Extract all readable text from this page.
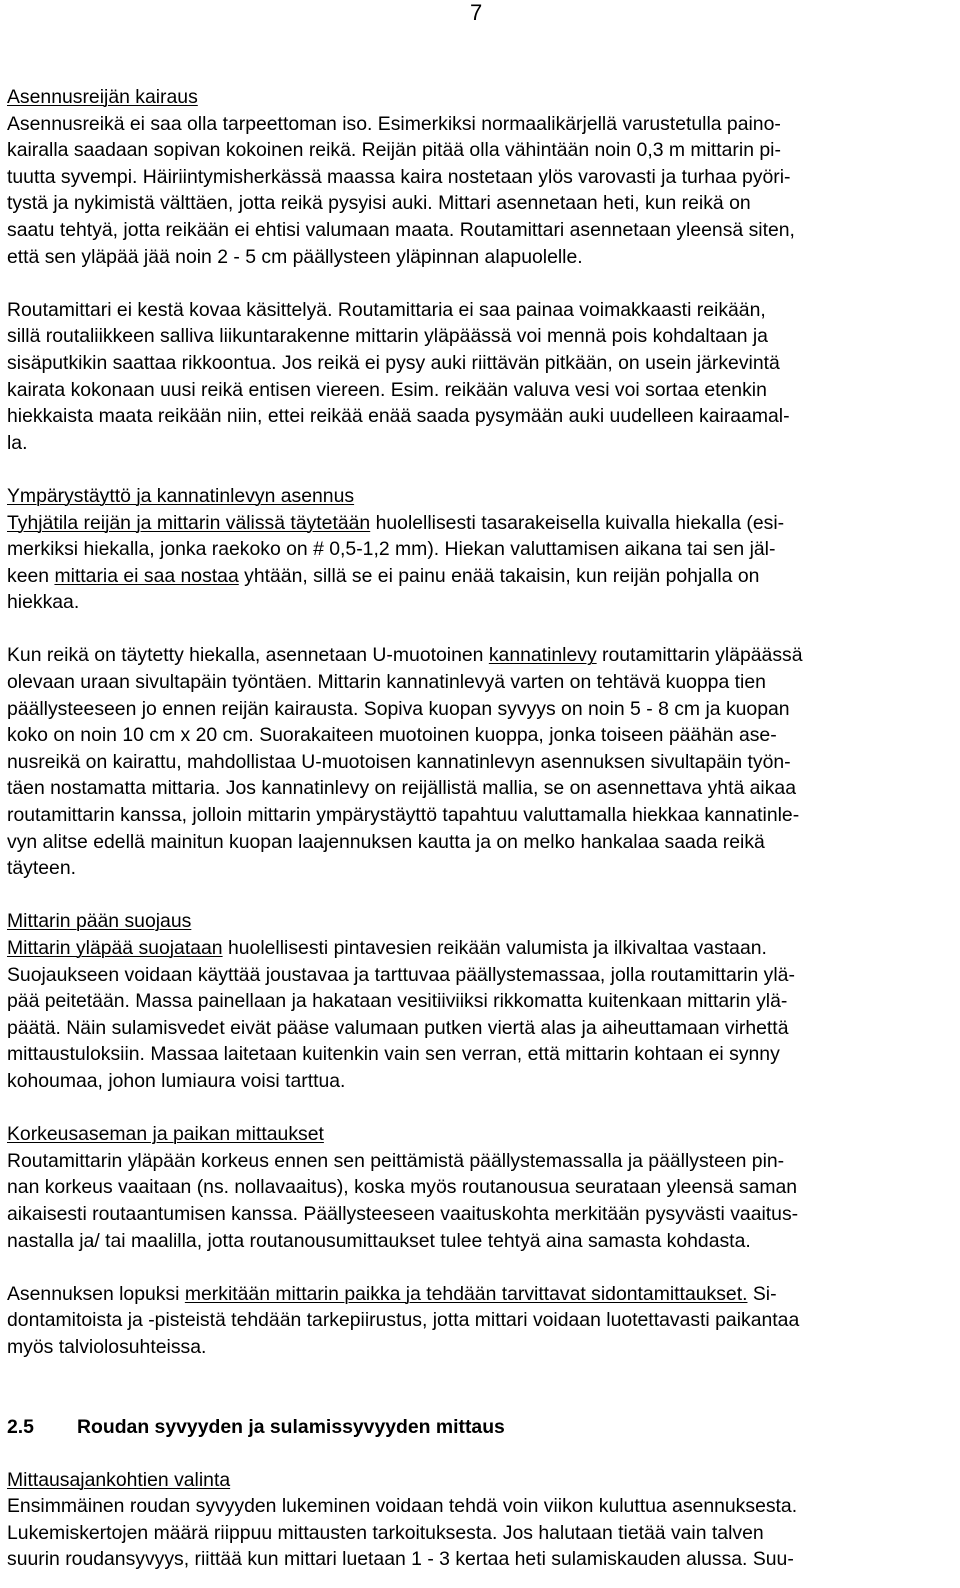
7
Asennusreijän kairaus
Asennusreikä ei saa olla tarpeettoman iso. Esimerkiksi normaalikärjellä varustetulla paino-
kairalla saadaan sopivan kokoinen reikä. Reijän pitää olla vähintään noin 0,3 m mittarin pi-
tuutta syvempi. Häiriintymisherkässä maassa kaira nostetaan ylös varovasti ja turhaa pyöri-
tystä ja nykimistä välttäen, jotta reikä pysyisi auki. Mittari asennetaan heti, kun reikä on
saatu tehtyä, jotta reikään ei ehtisi valumaan maata. Routamittari asennetaan yleensä siten,
että sen yläpää jää noin 2 - 5 cm päällysteen yläpinnan alapuolelle.
Routamittari ei kestä kovaa käsittelyä. Routamittaria ei saa painaa voimakkaasti reikään,
sillä routaliikkeen salliva liikuntarakenne mittarin yläpäässä voi mennä pois kohdaltaan ja
sisäputkikin saattaa rikkoontua. Jos reikä ei pysy auki riittävän pitkään, on usein järkevintä
kairata kokonaan uusi reikä entisen viereen. Esim. reikään valuva vesi voi sortaa etenkin
hiekkaista maata reikään niin, ettei reikää enää saada pysymään auki uudelleen kairaamal-
la.
Ympärystäyttö ja kannatinlevyn asennus
Tyhjätila reijän ja mittarin välissä täytetään huolellisesti tasarakeisella kuivalla hiekalla (esi-
merkiksi hiekalla, jonka raekoko on # 0,5-1,2 mm). Hiekan valuttamisen aikana tai sen jäl-
keen mittaria ei saa nostaa yhtään, sillä se ei painu enää takaisin, kun reijän pohjalla on
hiekkaa.
Kun reikä on täytetty hiekalla, asennetaan U-muotoinen kannatinlevy routamittarin yläpäässä
olevaan uraan sivultapäin työntäen. Mittarin kannatinlevyä varten on tehtävä kuoppa tien
päällysteeseen jo ennen reijän kairausta. Sopiva kuopan syvyys on noin 5 - 8 cm ja kuopan
koko on noin 10 cm x 20 cm. Suorakaiteen muotoinen kuoppa, jonka toiseen päähän ase-
nusreikä on kairattu, mahdollistaa U-muotoisen kannatinlevyn asennuksen sivultapäin työn-
täen nostamatta mittaria. Jos kannatinlevy on reijällistä mallia, se on asennettava yhtä aikaa
routamittarin kanssa, jolloin mittarin ympärystäyttö tapahtuu valuttamalla hiekkaa kannatinle-
vyn alitse edellä mainitun kuopan laajennuksen kautta ja on melko hankalaa saada reikä
täyteen.
Mittarin pään suojaus
Mittarin yläpää suojataan huolellisesti pintavesien reikään valumista ja ilkivaltaa vastaan.
Suojaukseen voidaan käyttää joustavaa ja tarttuvaa päällystemassaa, jolla routamittarin ylä-
pää peitetään. Massa painellaan ja hakataan vesitiiviiksi rikkomatta kuitenkaan mittarin ylä-
päätä. Näin sulamisvedet eivät pääse valumaan putken viertä alas ja aiheuttamaan virhettä
mittaustuloksiin. Massaa laitetaan kuitenkin vain sen verran, että mittarin kohtaan ei synny
kohoumaa, johon lumiaura voisi tarttua.
Korkeusaseman ja paikan mittaukset
Routamittarin yläpään korkeus ennen sen peittämistä päällystemassalla ja päällysteen pin-
nan korkeus vaaitaan (ns. nollavaaitus), koska myös routanousua seurataan yleensä saman
aikaisesti routaantumisen kanssa. Päällysteeseen vaaituskohta merkitään pysyvästi vaaitus-
nastalla ja/ tai maalilla, jotta routanousumittaukset tulee tehtyä aina samasta kohdasta.
Asennuksen lopuksi merkitään mittarin paikka ja tehdään tarvittavat sidontamittaukset. Si-
dontamitoista ja -pisteistä tehdään tarkepiirustus, jotta mittari voidaan luotettavasti paikantaa
myös talviolosuhteissa.
2.5 Roudan syvyyden ja sulamissyvyyden mittaus
Mittausajankohtien valinta
Ensimmäinen roudan syvyyden lukeminen voidaan tehdä voin viikon kuluttua asennuksesta.
Lukemiskertojen määrä riippuu mittausten tarkoituksesta. Jos halutaan tietää vain talven
suurin roudansyvyys, riittää kun mittari luetaan 1 - 3 kertaa heti sulamiskauden alussa. Suu-
